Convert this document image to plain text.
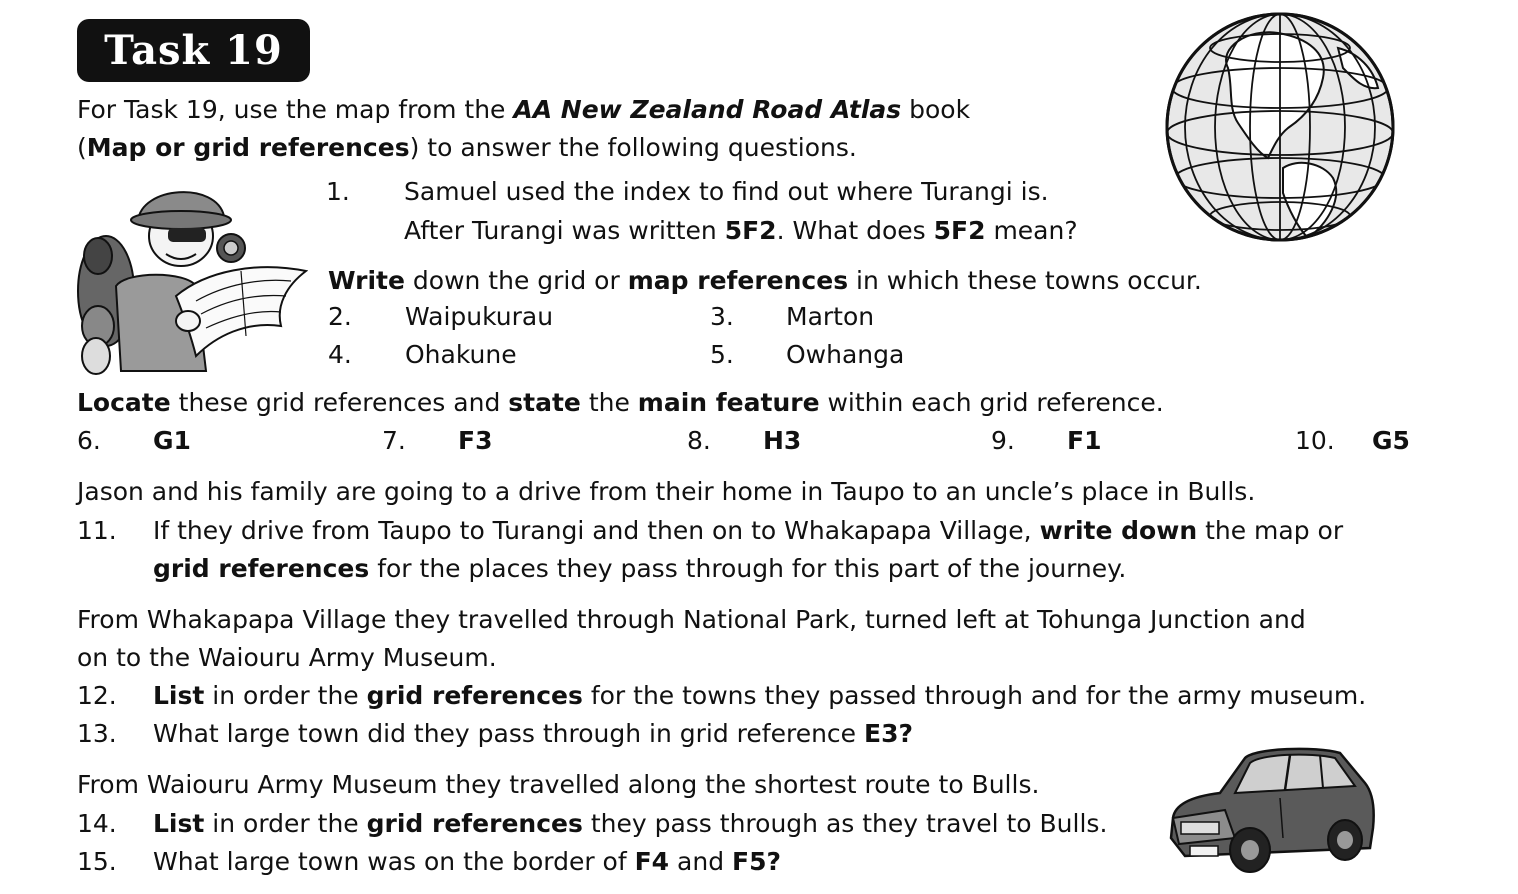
Task 19
For Task 19, use the map from the AA New Zealand Road Atlas book
(Map or grid references) to answer the following questions.
1. Samuel used the index to find out where Turangi is.
After Turangi was written 5F2. What does 5F2 mean?
Write down the grid or map references in which these towns occur.
2. Waipukurau	3. Marton
4. Ohakune	5. Owhanga
Locate these grid references and state the main feature within each grid reference.
6. G1	7. F3	8. H3	9. F1	10. G5
Jason and his family are going to a drive from their home in Taupo to an uncle’s place in Bulls.
11. If they drive from Taupo to Turangi and then on to Whakapapa Village, write down the map or
grid references for the places they pass through for this part of the journey.
From Whakapapa Village they travelled through National Park, turned left at Tohunga Junction and
on to the Waiouru Army Museum.
12. List in order the grid references for the towns they passed through and for the army museum.
13. What large town did they pass through in grid reference E3?
From Waiouru Army Museum they travelled along the shortest route to Bulls.
14. List in order the grid references they pass through as they travel to Bulls.
15. What large town was on the border of F4 and F5?
